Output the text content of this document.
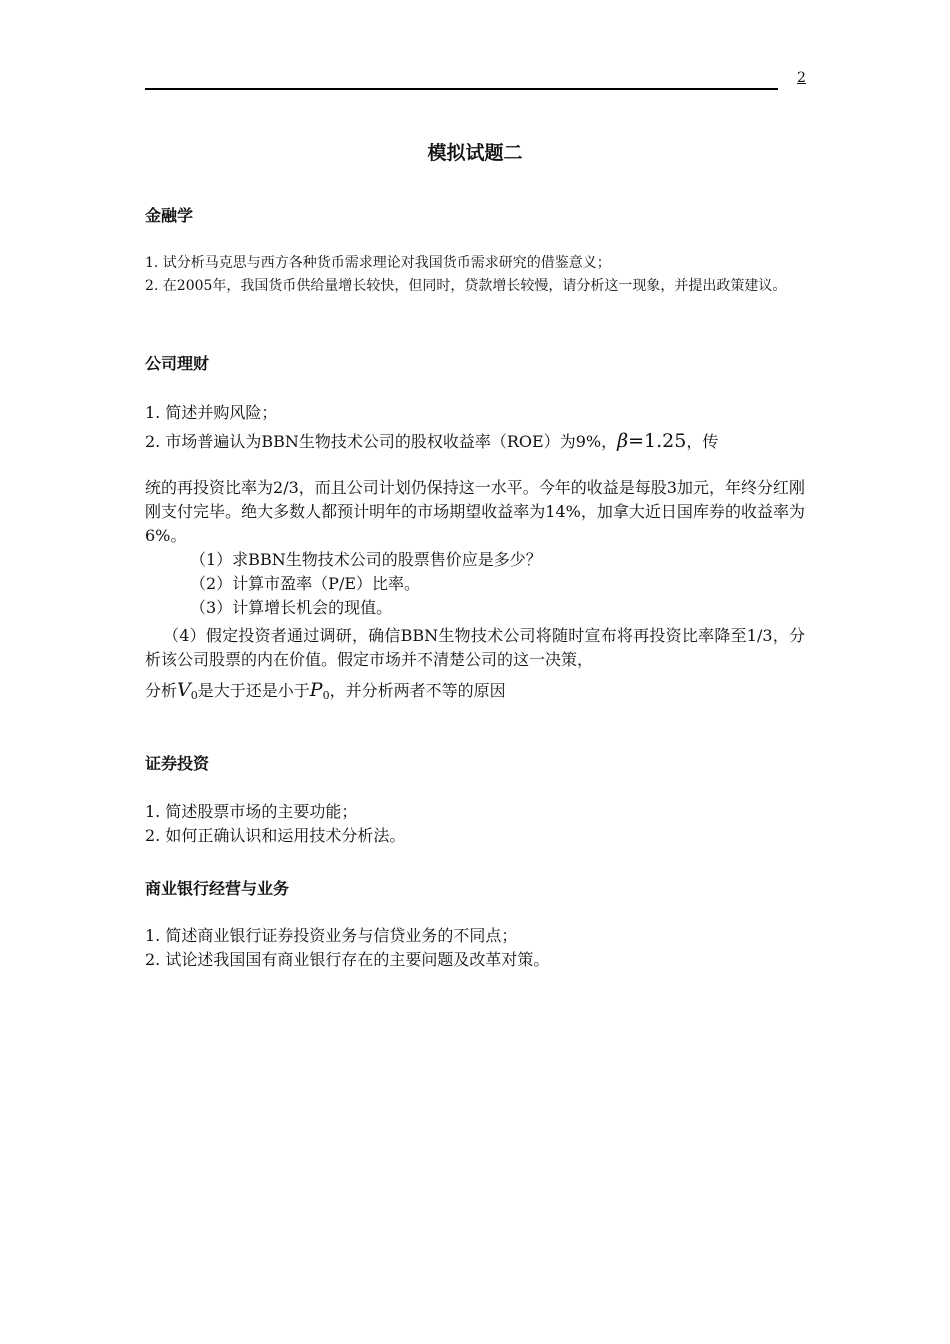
2
模拟试题二
金融学
1. 试分析马克思与西方各种货币需求理论对我国货币需求研究的借鉴意义；
2. 在2005年，我国货币供给量增长较快，但同时，贷款增长较慢，请分析这一现象，并提出政策建议。
公司理财
1. 简述并购风险；
2. 市场普遍认为BBN生物技术公司的股权收益率（ROE）为9%，β=1.25，传
统的再投资比率为2/3，而且公司计划仍保持这一水平。今年的收益是每股3加元，年终分红刚刚支付完毕。绝大多数人都预计明年的市场期望收益率为14%，加拿大近日国库券的收益率为6%。
（1）求BBN生物技术公司的股票售价应是多少？
（2）计算市盈率（P/E）比率。
（3）计算增长机会的现值。
（4）假定投资者通过调研，确信BBN生物技术公司将随时宣布将再投资比率降至1/3，分析该公司股票的内在价值。假定市场并不清楚公司的这一决策，
分析$V_0$是大于还是小于$P_0$，并分析两者不等的原因
证券投资
1. 简述股票市场的主要功能；
2. 如何正确认识和运用技术分析法。
商业银行经营与业务
1. 简述商业银行证券投资业务与信贷业务的不同点；
2. 试论述我国国有商业银行存在的主要问题及改革对策。
